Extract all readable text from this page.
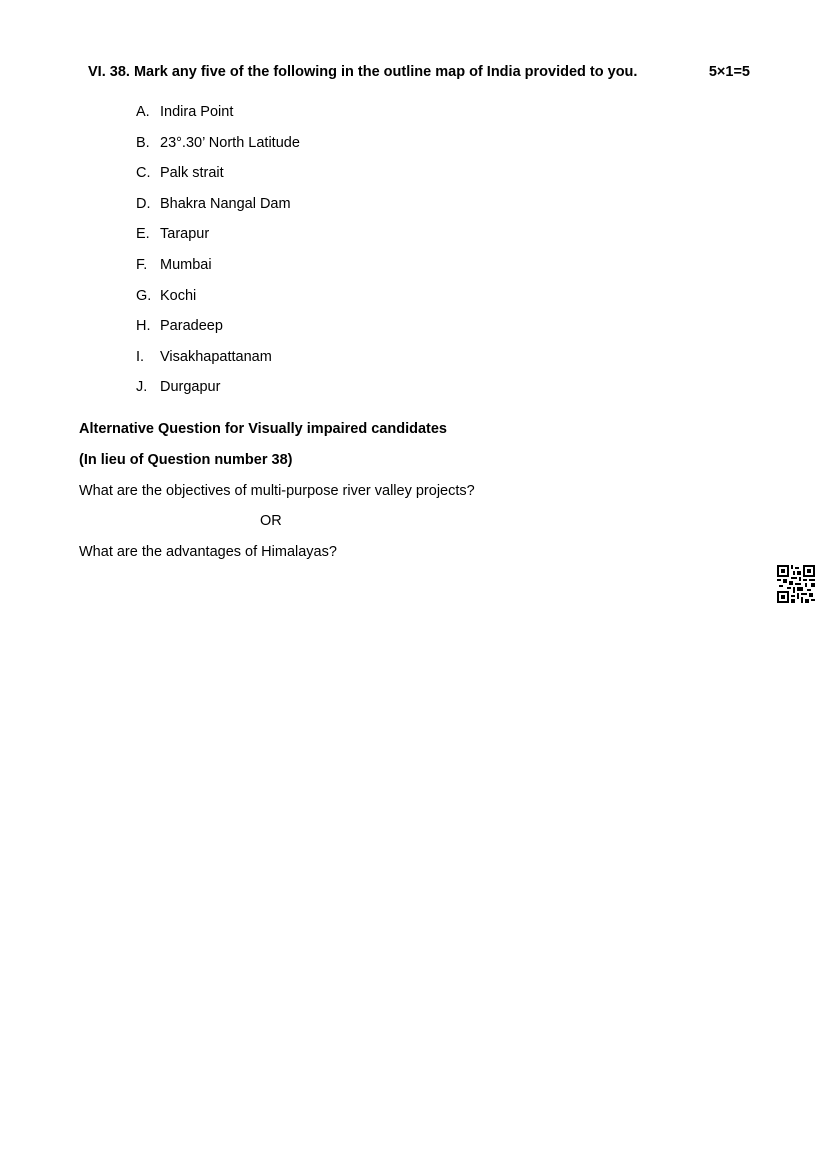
VI. 38. Mark any five of the following in the outline map of India provided to you.	5×1=5
A. Indira Point
B. 23°.30’ North Latitude
C. Palk strait
D. Bhakra Nangal Dam
E. Tarapur
F. Mumbai
G. Kochi
H. Paradeep
I.	Visakhapattanam
J. Durgapur
Alternative Question for Visually impaired candidates
(In lieu of Question number 38)
What are the objectives of multi-purpose river valley projects?
OR
What are the advantages of Himalayas?
